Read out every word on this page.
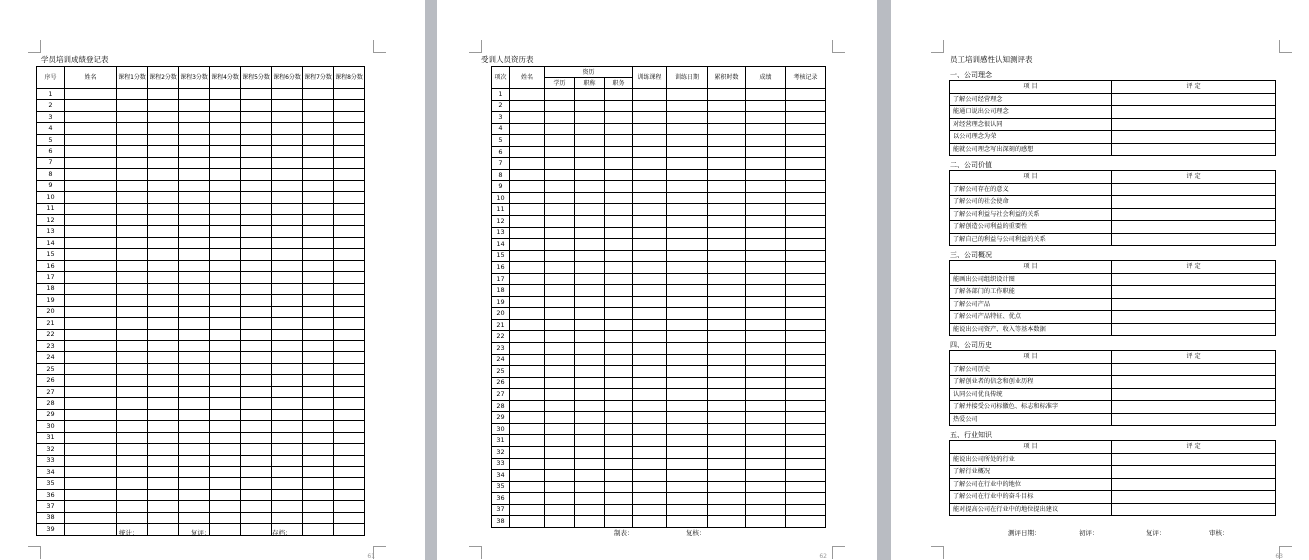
学员培训成绩登记表
序号	姓名	课程1分数	课程2分数	课程3分数	课程4分数	课程5分数	课程6分数	课程7分数	课程8分数
1									
2									
3									
4									
5									
6									
7									
8									
9									
10									
11									
12									
13									
14									
15									
16									
17									
18									
19									
20									
21									
22									
23									
24									
25									
26									
27									
28									
29									
30									
31									
32									
33									
34									
35									
36									
37									
38									
39									
统计：	复评：	存档：
61
受训人员资历表
项次	姓名	资历			训练课程	训练日期	累积时数	成绩	考核记录
		学历	职称	职务					
1									
2									
3									
4									
5									
6									
7									
8									
9									
10									
11									
12									
13									
14									
15									
16									
17									
18									
19									
20									
21									
22									
23									
24									
25									
26									
27									
28									
29									
30									
31									
32									
33									
34									
35									
36									
37									
38									
制表：	复核：
62
员工培训感性认知测评表
一、公司理念
项 目	评 定
了解公司经营理念	
能通口说出公司理念	
对经营理念很认同	
以公司理念为荣	
能就公司理念写出深刻的感想	
二、公司价值
项 目	评 定
了解公司存在的意义	
了解公司的社会使命	
了解公司利益与社会利益的关系	
了解创造公司利益的重要性	
了解自己的利益与公司利益的关系	
三、公司概况
项 目	评 定
能画出公司组织设计图	
了解各部门的工作职能	
了解公司产品	
了解公司产品特征、优点	
能说出公司资产、收入等基本数据	
四、公司历史
项 目	评 定
了解公司历史	
了解创业者的信念和创业历程	
认同公司优良传统	
了解并接受公司标徽色、标志和标准字	
热爱公司	
五、行业知识
项 目	评 定
能说出公司所处的行业	
了解行业概况	
了解公司在行业中的地位	
了解公司在行业中的奋斗目标	
能对提高公司在行业中的地位提出建议	
测评日期：	初评：	复评：	审核：
63
